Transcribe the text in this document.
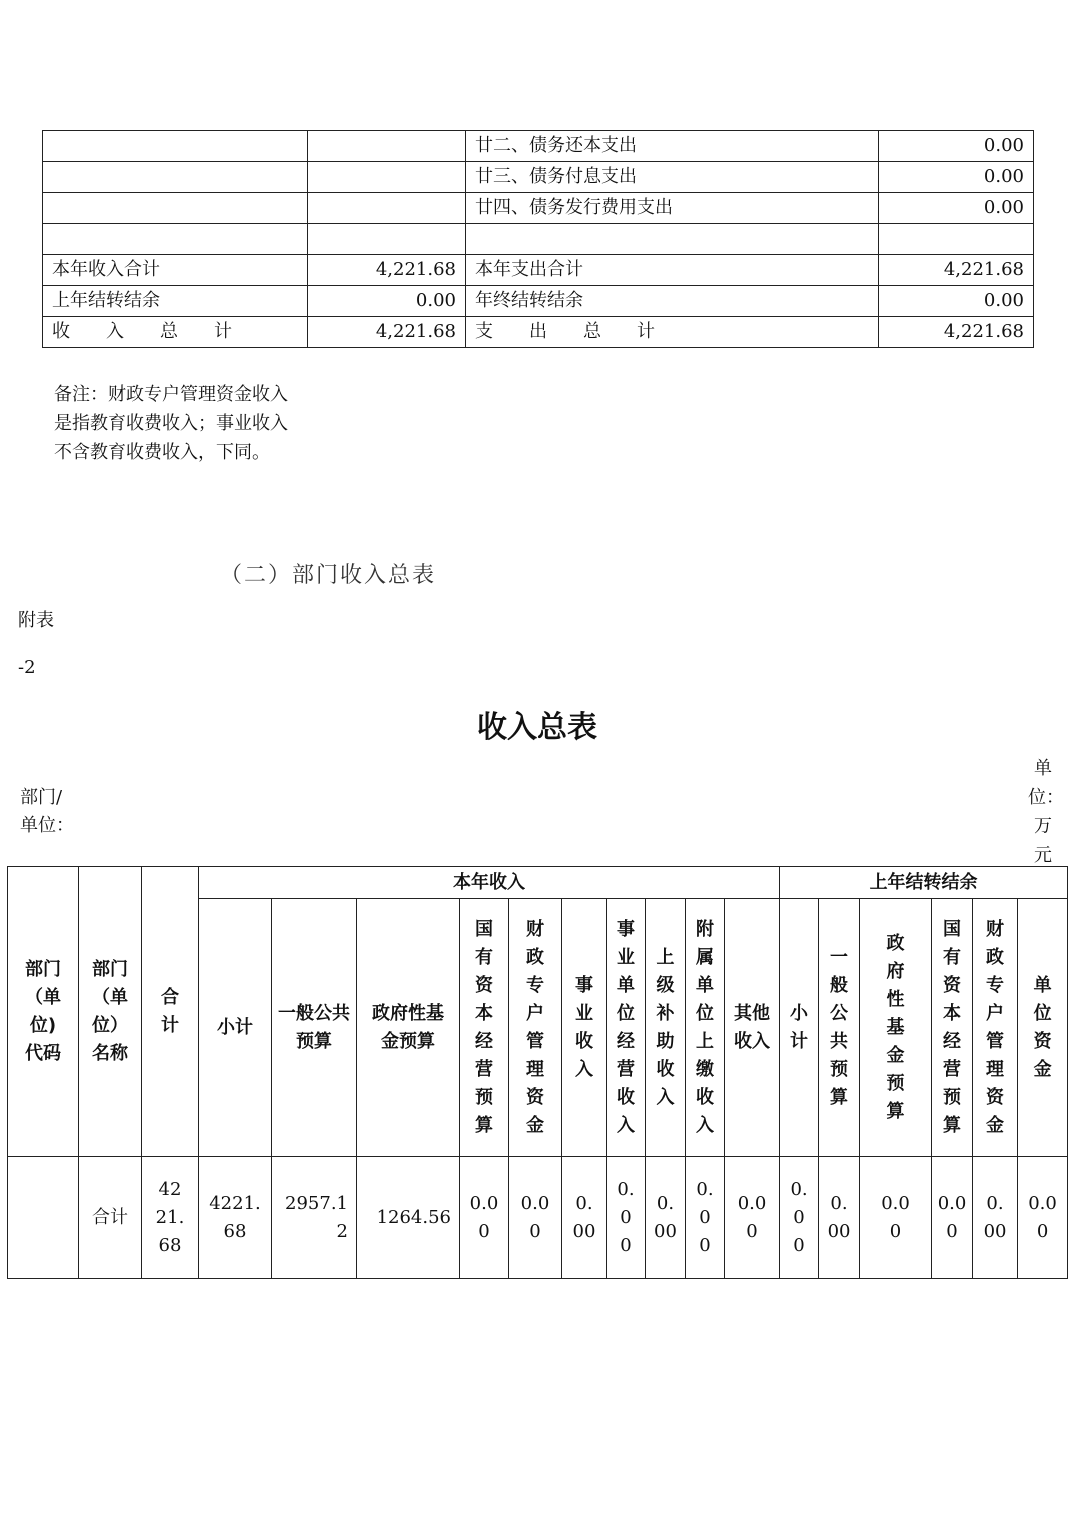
		廿二、债务还本支出	0.00
		廿三、债务付息支出	0.00
		廿四、债务发行费用支出	0.00

本年收入合计	4,221.68	本年支出合计	4,221.68
上年结转结余	0.00	年终结转结余	0.00
收　　入　　总　　计	4,221.68	支　　出　　总　　计	4,221.68
备注：财政专户管理资金收入是指教育收费收入；事业收入不含教育收费收入，下同。
（二）部门收入总表
附表
-2
收入总表
部门/单位：
单位：万元
部门（单位)代码	部门（单位）名称	合计	本年收入										上年结转结余					
			小计	一般公共预算	政府性基金预算	国有资本经营预算	财政专户管理资金	事业收入	事业单位经营收入	上级补助收入	附属单位上缴收入	其他收入	小计	一般公共预算	政府性基金预算	国有资本经营预算	财政专户管理资金	单位资金

	合计	4221.68	4221.68	2957.12	1264.56	0.00	0.00	0.00	0.00	0.00	0.00	0.00	0.00	0.00	0.00	0.00	0.00	0.00
